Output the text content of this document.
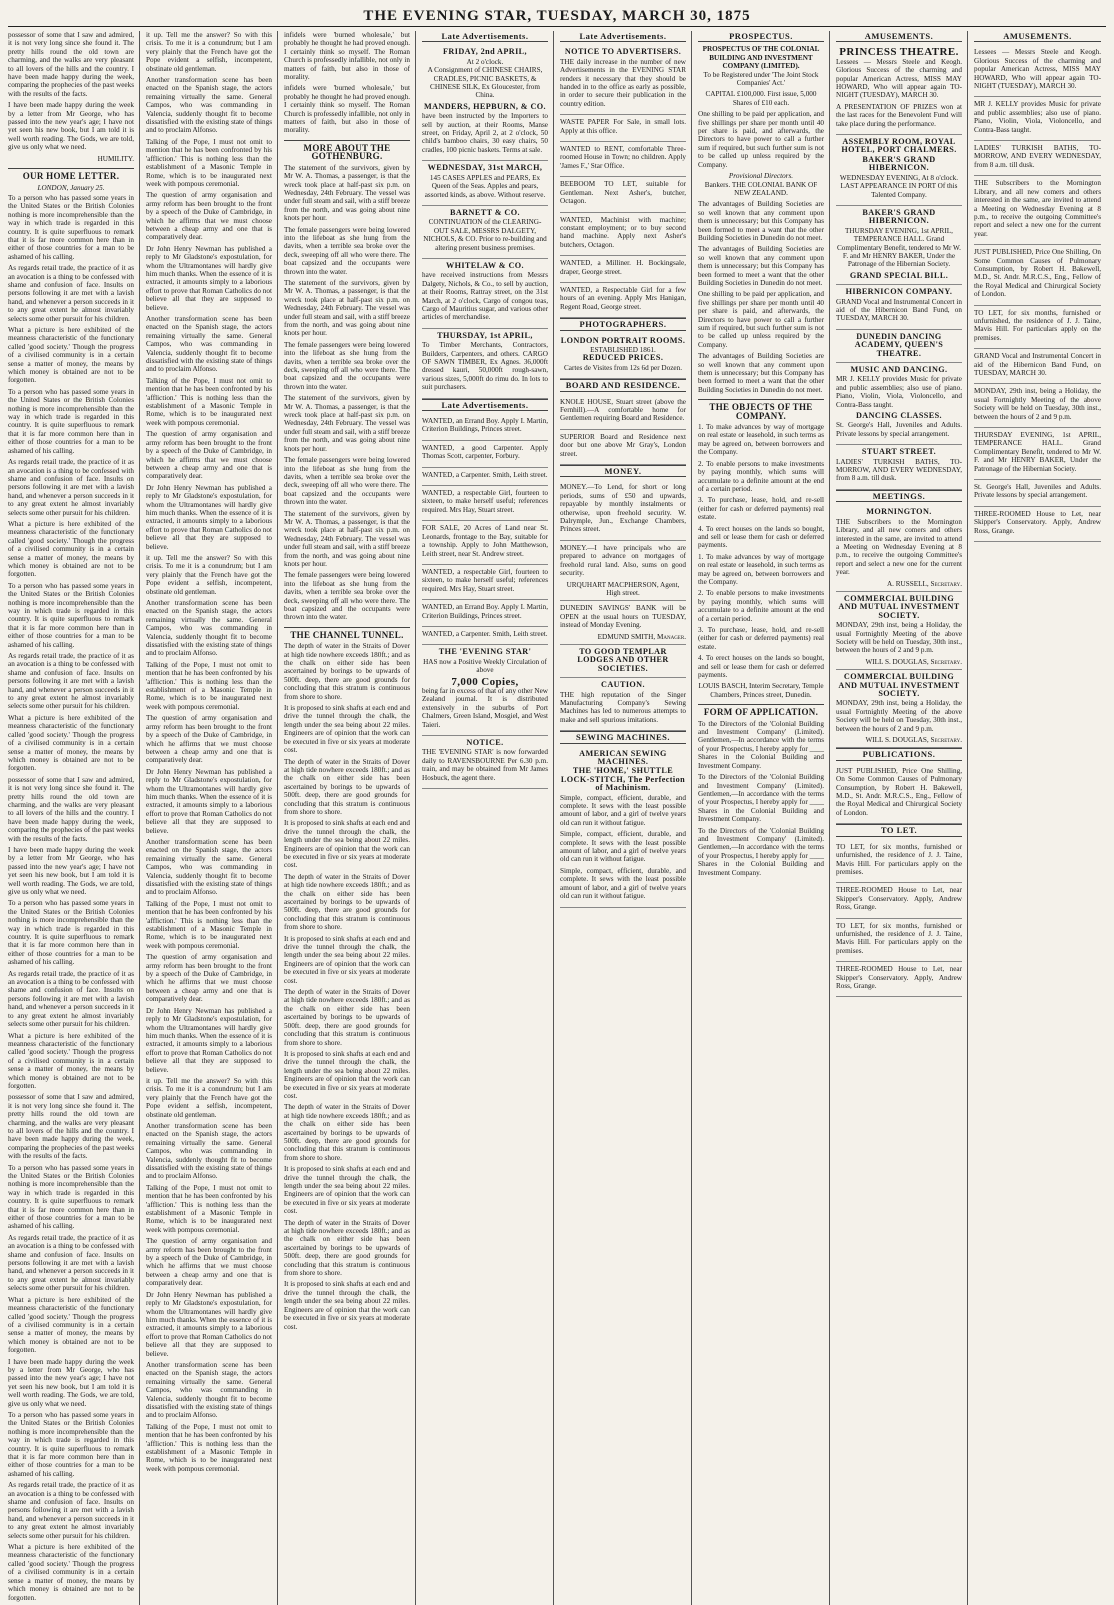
THE EVENING STAR, TUESDAY, MARCH 30, 1875

possessor of some that I saw and admired, it is not very long since she found it. The pretty hills round the old town are charming, and the walks are very pleasant to all lovers of the hills and the country. I have been made happy during the week, comparing the prophecies of the past weeks with the results of the facts.

I have been made happy during the week by a letter from Mr George, who has passed into the new year's age; I have not yet seen his new book, but I am told it is well worth reading. The Gods, we are told, give us only what we need.

HUMILITY.

OUR HOME LETTER.
LONDON, January 25.

To a person who has passed some years in the United States or the British Colonies nothing is more incomprehensible than the way in which trade is regarded in this country. It is quite superfluous to remark that it is far more common here than in either of those countries for a man to be ashamed of his calling.

As regards retail trade, the practice of it as an avocation is a thing to be confessed with shame and confusion of face. Insults on persons following it are met with a lavish hand, and whenever a person succeeds in it to any great extent he almost invariably selects some other pursuit for his children.

What a picture is here exhibited of the meanness characteristic of the functionary called 'good society.' Though the progress of a civilised community is in a certain sense a matter of money, the means by which money is obtained are not to be forgotten.

To a person who has passed some years in the United States or the British Colonies nothing is more incomprehensible than the way in which trade is regarded in this country. It is quite superfluous to remark that it is far more common here than in either of those countries for a man to be ashamed of his calling.

As regards retail trade, the practice of it as an avocation is a thing to be confessed with shame and confusion of face. Insults on persons following it are met with a lavish hand, and whenever a person succeeds in it to any great extent he almost invariably selects some other pursuit for his children.

What a picture is here exhibited of the meanness characteristic of the functionary called 'good society.' Though the progress of a civilised community is in a certain sense a matter of money, the means by which money is obtained are not to be forgotten.

To a person who has passed some years in the United States or the British Colonies nothing is more incomprehensible than the way in which trade is regarded in this country. It is quite superfluous to remark that it is far more common here than in either of those countries for a man to be ashamed of his calling.

As regards retail trade, the practice of it as an avocation is a thing to be confessed with shame and confusion of face. Insults on persons following it are met with a lavish hand, and whenever a person succeeds in it to any great extent he almost invariably selects some other pursuit for his children.

What a picture is here exhibited of the meanness characteristic of the functionary called 'good society.' Though the progress of a civilised community is in a certain sense a matter of money, the means by which money is obtained are not to be forgotten.

possessor of some that I saw and admired, it is not very long since she found it. The pretty hills round the old town are charming, and the walks are very pleasant to all lovers of the hills and the country. I have been made happy during the week, comparing the prophecies of the past weeks with the results of the facts.

I have been made happy during the week by a letter from Mr George, who has passed into the new year's age; I have not yet seen his new book, but I am told it is well worth reading. The Gods, we are told, give us only what we need.

To a person who has passed some years in the United States or the British Colonies nothing is more incomprehensible than the way in which trade is regarded in this country. It is quite superfluous to remark that it is far more common here than in either of those countries for a man to be ashamed of his calling.

As regards retail trade, the practice of it as an avocation is a thing to be confessed with shame and confusion of face. Insults on persons following it are met with a lavish hand, and whenever a person succeeds in it to any great extent he almost invariably selects some other pursuit for his children.

What a picture is here exhibited of the meanness characteristic of the functionary called 'good society.' Though the progress of a civilised community is in a certain sense a matter of money, the means by which money is obtained are not to be forgotten.

possessor of some that I saw and admired, it is not very long since she found it. The pretty hills round the old town are charming, and the walks are very pleasant to all lovers of the hills and the country. I have been made happy during the week, comparing the prophecies of the past weeks with the results of the facts.

To a person who has passed some years in the United States or the British Colonies nothing is more incomprehensible than the way in which trade is regarded in this country. It is quite superfluous to remark that it is far more common here than in either of those countries for a man to be ashamed of his calling.

As regards retail trade, the practice of it as an avocation is a thing to be confessed with shame and confusion of face. Insults on persons following it are met with a lavish hand, and whenever a person succeeds in it to any great extent he almost invariably selects some other pursuit for his children.

What a picture is here exhibited of the meanness characteristic of the functionary called 'good society.' Though the progress of a civilised community is in a certain sense a matter of money, the means by which money is obtained are not to be forgotten.

I have been made happy during the week by a letter from Mr George, who has passed into the new year's age; I have not yet seen his new book, but I am told it is well worth reading. The Gods, we are told, give us only what we need.

To a person who has passed some years in the United States or the British Colonies nothing is more incomprehensible than the way in which trade is regarded in this country. It is quite superfluous to remark that it is far more common here than in either of those countries for a man to be ashamed of his calling.

As regards retail trade, the practice of it as an avocation is a thing to be confessed with shame and confusion of face. Insults on persons following it are met with a lavish hand, and whenever a person succeeds in it to any great extent he almost invariably selects some other pursuit for his children.

What a picture is here exhibited of the meanness characteristic of the functionary called 'good society.' Though the progress of a civilised community is in a certain sense a matter of money, the means by which money is obtained are not to be forgotten.

it up. Tell me the answer? So with this crisis. To me it is a conundrum; but I am very plainly that the French have got the Pope evident a selfish, incompetent, obstinate old gentleman.

Another transformation scene has been enacted on the Spanish stage, the actors remaining virtually the same. General Campos, who was commanding in Valencia, suddenly thought fit to become dissatisfied with the existing state of things and to proclaim Alfonso.

Talking of the Pope, I must not omit to mention that he has been confronted by his 'affliction.' This is nothing less than the establishment of a Masonic Temple in Rome, which is to be inaugurated next week with pompous ceremonial.

The question of army organisation and army reform has been brought to the front by a speech of the Duke of Cambridge, in which he affirms that we must choose between a cheap army and one that is comparatively dear.

Dr John Henry Newman has published a reply to Mr Gladstone's expostulation, for whom the Ultramontanes will hardly give him much thanks. When the essence of it is extracted, it amounts simply to a laborious effort to prove that Roman Catholics do not believe all that they are supposed to believe.

Another transformation scene has been enacted on the Spanish stage, the actors remaining virtually the same. General Campos, who was commanding in Valencia, suddenly thought fit to become dissatisfied with the existing state of things and to proclaim Alfonso.

Talking of the Pope, I must not omit to mention that he has been confronted by his 'affliction.' This is nothing less than the establishment of a Masonic Temple in Rome, which is to be inaugurated next week with pompous ceremonial.

The question of army organisation and army reform has been brought to the front by a speech of the Duke of Cambridge, in which he affirms that we must choose between a cheap army and one that is comparatively dear.

Dr John Henry Newman has published a reply to Mr Gladstone's expostulation, for whom the Ultramontanes will hardly give him much thanks. When the essence of it is extracted, it amounts simply to a laborious effort to prove that Roman Catholics do not believe all that they are supposed to believe.

it up. Tell me the answer? So with this crisis. To me it is a conundrum; but I am very plainly that the French have got the Pope evident a selfish, incompetent, obstinate old gentleman.

Another transformation scene has been enacted on the Spanish stage, the actors remaining virtually the same. General Campos, who was commanding in Valencia, suddenly thought fit to become dissatisfied with the existing state of things and to proclaim Alfonso.

Talking of the Pope, I must not omit to mention that he has been confronted by his 'affliction.' This is nothing less than the establishment of a Masonic Temple in Rome, which is to be inaugurated next week with pompous ceremonial.

The question of army organisation and army reform has been brought to the front by a speech of the Duke of Cambridge, in which he affirms that we must choose between a cheap army and one that is comparatively dear.

Dr John Henry Newman has published a reply to Mr Gladstone's expostulation, for whom the Ultramontanes will hardly give him much thanks. When the essence of it is extracted, it amounts simply to a laborious effort to prove that Roman Catholics do not believe all that they are supposed to believe.

Another transformation scene has been enacted on the Spanish stage, the actors remaining virtually the same. General Campos, who was commanding in Valencia, suddenly thought fit to become dissatisfied with the existing state of things and to proclaim Alfonso.

Talking of the Pope, I must not omit to mention that he has been confronted by his 'affliction.' This is nothing less than the establishment of a Masonic Temple in Rome, which is to be inaugurated next week with pompous ceremonial.

The question of army organisation and army reform has been brought to the front by a speech of the Duke of Cambridge, in which he affirms that we must choose between a cheap army and one that is comparatively dear.

Dr John Henry Newman has published a reply to Mr Gladstone's expostulation, for whom the Ultramontanes will hardly give him much thanks. When the essence of it is extracted, it amounts simply to a laborious effort to prove that Roman Catholics do not believe all that they are supposed to believe.

it up. Tell me the answer? So with this crisis. To me it is a conundrum; but I am very plainly that the French have got the Pope evident a selfish, incompetent, obstinate old gentleman.

Another transformation scene has been enacted on the Spanish stage, the actors remaining virtually the same. General Campos, who was commanding in Valencia, suddenly thought fit to become dissatisfied with the existing state of things and to proclaim Alfonso.

Talking of the Pope, I must not omit to mention that he has been confronted by his 'affliction.' This is nothing less than the establishment of a Masonic Temple in Rome, which is to be inaugurated next week with pompous ceremonial.

The question of army organisation and army reform has been brought to the front by a speech of the Duke of Cambridge, in which he affirms that we must choose between a cheap army and one that is comparatively dear.

Dr John Henry Newman has published a reply to Mr Gladstone's expostulation, for whom the Ultramontanes will hardly give him much thanks. When the essence of it is extracted, it amounts simply to a laborious effort to prove that Roman Catholics do not believe all that they are supposed to believe.

Another transformation scene has been enacted on the Spanish stage, the actors remaining virtually the same. General Campos, who was commanding in Valencia, suddenly thought fit to become dissatisfied with the existing state of things and to proclaim Alfonso.

Talking of the Pope, I must not omit to mention that he has been confronted by his 'affliction.' This is nothing less than the establishment of a Masonic Temple in Rome, which is to be inaugurated next week with pompous ceremonial.

infidels were 'burned wholesale,' but probably he thought he had proved enough. I certainly think so myself. The Roman Church is professedly infallible, not only in matters of faith, but also in those of morality.

infidels were 'burned wholesale,' but probably he thought he had proved enough. I certainly think so myself. The Roman Church is professedly infallible, not only in matters of faith, but also in those of morality.

MORE ABOUT THE GOTHENBURG.

The statement of the survivors, given by Mr W. A. Thomas, a passenger, is that the wreck took place at half-past six p.m. on Wednesday, 24th February. The vessel was under full steam and sail, with a stiff breeze from the north, and was going about nine knots per hour.

The female passengers were being lowered into the lifeboat as she hung from the davits, when a terrible sea broke over the deck, sweeping off all who were there. The boat capsized and the occupants were thrown into the water.

The statement of the survivors, given by Mr W. A. Thomas, a passenger, is that the wreck took place at half-past six p.m. on Wednesday, 24th February. The vessel was under full steam and sail, with a stiff breeze from the north, and was going about nine knots per hour.

The female passengers were being lowered into the lifeboat as she hung from the davits, when a terrible sea broke over the deck, sweeping off all who were there. The boat capsized and the occupants were thrown into the water.

The statement of the survivors, given by Mr W. A. Thomas, a passenger, is that the wreck took place at half-past six p.m. on Wednesday, 24th February. The vessel was under full steam and sail, with a stiff breeze from the north, and was going about nine knots per hour.

The female passengers were being lowered into the lifeboat as she hung from the davits, when a terrible sea broke over the deck, sweeping off all who were there. The boat capsized and the occupants were thrown into the water.

The statement of the survivors, given by Mr W. A. Thomas, a passenger, is that the wreck took place at half-past six p.m. on Wednesday, 24th February. The vessel was under full steam and sail, with a stiff breeze from the north, and was going about nine knots per hour.

The female passengers were being lowered into the lifeboat as she hung from the davits, when a terrible sea broke over the deck, sweeping off all who were there. The boat capsized and the occupants were thrown into the water.

THE CHANNEL TUNNEL.

The depth of water in the Straits of Dover at high tide nowhere exceeds 180ft.; and as the chalk on either side has been ascertained by borings to be upwards of 500ft. deep, there are good grounds for concluding that this stratum is continuous from shore to shore.

It is proposed to sink shafts at each end and drive the tunnel through the chalk, the length under the sea being about 22 miles. Engineers are of opinion that the work can be executed in five or six years at moderate cost.

The depth of water in the Straits of Dover at high tide nowhere exceeds 180ft.; and as the chalk on either side has been ascertained by borings to be upwards of 500ft. deep, there are good grounds for concluding that this stratum is continuous from shore to shore.

It is proposed to sink shafts at each end and drive the tunnel through the chalk, the length under the sea being about 22 miles. Engineers are of opinion that the work can be executed in five or six years at moderate cost.

The depth of water in the Straits of Dover at high tide nowhere exceeds 180ft.; and as the chalk on either side has been ascertained by borings to be upwards of 500ft. deep, there are good grounds for concluding that this stratum is continuous from shore to shore.

It is proposed to sink shafts at each end and drive the tunnel through the chalk, the length under the sea being about 22 miles. Engineers are of opinion that the work can be executed in five or six years at moderate cost.

The depth of water in the Straits of Dover at high tide nowhere exceeds 180ft.; and as the chalk on either side has been ascertained by borings to be upwards of 500ft. deep, there are good grounds for concluding that this stratum is continuous from shore to shore.

It is proposed to sink shafts at each end and drive the tunnel through the chalk, the length under the sea being about 22 miles. Engineers are of opinion that the work can be executed in five or six years at moderate cost.

The depth of water in the Straits of Dover at high tide nowhere exceeds 180ft.; and as the chalk on either side has been ascertained by borings to be upwards of 500ft. deep, there are good grounds for concluding that this stratum is continuous from shore to shore.

It is proposed to sink shafts at each end and drive the tunnel through the chalk, the length under the sea being about 22 miles. Engineers are of opinion that the work can be executed in five or six years at moderate cost.

The depth of water in the Straits of Dover at high tide nowhere exceeds 180ft.; and as the chalk on either side has been ascertained by borings to be upwards of 500ft. deep, there are good grounds for concluding that this stratum is continuous from shore to shore.

It is proposed to sink shafts at each end and drive the tunnel through the chalk, the length under the sea being about 22 miles. Engineers are of opinion that the work can be executed in five or six years at moderate cost.

Late Advertisements.
FRIDAY, 2nd APRIL,
At 2 o'clock.

A Consignment of CHINESE CHAIRS, CRADLES, PICNIC BASKETS, & CHINESE SILK, Ex Gloucester, from China.

MANDERS, HEPBURN, & CO.

have been instructed by the Importers to sell by auction, at their Rooms, Manse street, on Friday, April 2, at 2 o'clock, 50 child's bamboo chairs, 30 easy chairs, 50 cradles, 100 picnic baskets. Terms at sale.

WEDNESDAY, 31st MARCH,

145 CASES APPLES and PEARS, Ex Queen of the Seas. Apples and pears, assorted kinds, as above. Without reserve.

BARNETT & CO.

CONTINUATION of the CLEARING-OUT SALE, MESSRS DALGETY, NICHOLS, & CO. Prior to re-building and altering present business premises.

WHITELAW & CO.

have received instructions from Messrs Dalgety, Nichols, & Co., to sell by auction, at their Rooms, Rattray street, on the 31st March, at 2 o'clock, Cargo of congou teas, Cargo of Mauritius sugar, and various other articles of merchandise.

THURSDAY, 1st APRIL,

To Timber Merchants, Contractors, Builders, Carpenters, and others. CARGO OF SAWN TIMBER, Ex Agnes. 36,000ft dressed kauri, 50,000ft rough-sawn, various sizes, 5,000ft do rimu do. In lots to suit purchasers.

Late Advertisements.

WANTED, an Errand Boy. Apply I. Martin, Criterion Buildings, Princes street.

WANTED, a good Carpenter. Apply Thomas Scott, carpenter, Forbury.

WANTED, a Carpenter. Smith, Leith street.

WANTED, a respectable Girl, fourteen to sixteen, to make herself useful; references required. Mrs Hay, Stuart street.

FOR SALE, 20 Acres of Land near St. Leonards, frontage to the Bay, suitable for a township. Apply to John Matthewson, Leith street, near St. Andrew street.

WANTED, a respectable Girl, fourteen to sixteen, to make herself useful; references required. Mrs Hay, Stuart street.

WANTED, an Errand Boy. Apply I. Martin, Criterion Buildings, Princes street.

WANTED, a Carpenter. Smith, Leith street.

THE 'EVENING STAR'

HAS now a Positive Weekly Circulation of above

7,000 Copies,

being far in excess of that of any other New Zealand journal. It is distributed extensively in the suburbs of Port Chalmers, Green Island, Mosgiel, and West Taieri.

NOTICE.

THE 'EVENING STAR' is now forwarded daily to RAVENSBOURNE Per 6.30 p.m. train, and may be obtained from Mr James Hosbuck, the agent there.

Late Advertisements.
NOTICE TO ADVERTISERS.

THE daily increase in the number of new Advertisements in the EVENING STAR renders it necessary that they should be handed in to the office as early as possible, in order to secure their publication in the country edition.

WASTE PAPER For Sale, in small lots. Apply at this office.

WANTED to RENT, comfortable Three-roomed House in Town; no children. Apply 'James F.,' Star Office.

BEEBOOM TO LET, suitable for Gentleman. Next Asher's, butcher, Octagon.

WANTED, Machinist with machine; constant employment; or to buy second hand machine. Apply next Asher's butchers, Octagon.

WANTED, a Milliner. H. Bockingsale, draper, George street.

WANTED, a Respectable Girl for a few hours of an evening. Apply Mrs Hanigan, Regent Road, George street.

PHOTOGRAPHERS.
LONDON PORTRAIT ROOMS.
ESTABLISHED 1861.
REDUCED PRICES.

Cartes de Visites from 12s 6d per Dozen.

BOARD AND RESIDENCE.

KNOLE HOUSE, Stuart street (above the Fernhill).—A comfortable home for Gentlemen requiring Board and Residence.

SUPERIOR Board and Residence next door but one above Mr Gray's, London street.

MONEY.

MONEY.—To Lend, for short or long periods, sums of £50 and upwards, repayable by monthly instalments or otherwise, upon freehold security. W. Dalrymple, Jun., Exchange Chambers, Princes street.

MONEY.—I have principals who are prepared to advance on mortgages of freehold rural land. Also, sums on good security.

URQUHART MACPHERSON, Agent, High street.

DUNEDIN SAVINGS' BANK will be OPEN at the usual hours on TUESDAY, instead of Monday Evening.

EDMUND SMITH, Manager.
TO GOOD TEMPLAR LODGES AND OTHER SOCIETIES.
CAUTION.

THE high reputation of the Singer Manufacturing Company's Sewing Machines has led to numerous attempts to make and sell spurious imitations.

SEWING MACHINES.
AMERICAN SEWING MACHINES.
THE 'HOME,' SHUTTLE LOCK-STITCH, The Perfection of Machinism.

Simple, compact, efficient, durable, and complete. It sews with the least possible amount of labor, and a girl of twelve years old can run it without fatigue.

Simple, compact, efficient, durable, and complete. It sews with the least possible amount of labor, and a girl of twelve years old can run it without fatigue.

Simple, compact, efficient, durable, and complete. It sews with the least possible amount of labor, and a girl of twelve years old can run it without fatigue.

PROSPECTUS.
PROSPECTUS OF THE COLONIAL BUILDING AND INVESTMENT COMPANY (LIMITED).

To be Registered under 'The Joint Stock Companies' Act.'

CAPITAL £100,000. First issue, 5,000 Shares of £10 each.

One shilling to be paid per application, and five shillings per share per month until 40 per share is paid, and afterwards, the Directors to have power to call a further sum if required, but such further sum is not to be called up unless required by the Company.

Provisional Directors.

Bankers. THE COLONIAL BANK OF NEW ZEALAND.

The advantages of Building Societies are so well known that any comment upon them is unnecessary; but this Company has been formed to meet a want that the other Building Societies in Dunedin do not meet.

The advantages of Building Societies are so well known that any comment upon them is unnecessary; but this Company has been formed to meet a want that the other Building Societies in Dunedin do not meet.

One shilling to be paid per application, and five shillings per share per month until 40 per share is paid, and afterwards, the Directors to have power to call a further sum if required, but such further sum is not to be called up unless required by the Company.

The advantages of Building Societies are so well known that any comment upon them is unnecessary; but this Company has been formed to meet a want that the other Building Societies in Dunedin do not meet.

THE OBJECTS OF THE COMPANY.

1. To make advances by way of mortgage on real estate or leasehold, in such terms as may be agreed on, between borrowers and the Company.

2. To enable persons to make investments by paying monthly, which sums will accumulate to a definite amount at the end of a certain period.

3. To purchase, lease, hold, and re-sell (either for cash or deferred payments) real estate.

4. To erect houses on the lands so bought, and sell or lease them for cash or deferred payments.

1. To make advances by way of mortgage on real estate or leasehold, in such terms as may be agreed on, between borrowers and the Company.

2. To enable persons to make investments by paying monthly, which sums will accumulate to a definite amount at the end of a certain period.

3. To purchase, lease, hold, and re-sell (either for cash or deferred payments) real estate.

4. To erect houses on the lands so bought, and sell or lease them for cash or deferred payments.

LOUIS BASCH, Interim Secretary, Temple Chambers, Princes street, Dunedin.

FORM OF APPLICATION.

To the Directors of the 'Colonial Building and Investment Company' (Limited). Gentlemen,—In accordance with the terms of your Prospectus, I hereby apply for ____ Shares in the Colonial Building and Investment Company.

To the Directors of the 'Colonial Building and Investment Company' (Limited). Gentlemen,—In accordance with the terms of your Prospectus, I hereby apply for ____ Shares in the Colonial Building and Investment Company.

To the Directors of the 'Colonial Building and Investment Company' (Limited). Gentlemen,—In accordance with the terms of your Prospectus, I hereby apply for ____ Shares in the Colonial Building and Investment Company.

AMUSEMENTS.
PRINCESS THEATRE.

Lessees — Messrs Steele and Keogh. Glorious Success of the charming and popular American Actress, MISS MAY HOWARD, Who will appear again TO-NIGHT (TUESDAY), MARCH 30.

A PRESENTATION OF PRIZES won at the last races for the Benevolent Fund will take place during the performance.

ASSEMBLY ROOM, ROYAL HOTEL, PORT CHALMERS.
BAKER'S GRAND HIBERNICON.

WEDNESDAY EVENING, At 8 o'clock. LAST APPEARANCE IN PORT Of this Talented Company.

BAKER'S GRAND HIBERNICON.

THURSDAY EVENING, 1st APRIL, TEMPERANCE HALL. Grand Complimentary Benefit, tendered to Mr W. F. and Mr HENRY BAKER, Under the Patronage of the Hibernian Society.

GRAND SPECIAL BILL.
HIBERNICON COMPANY.

GRAND Vocal and Instrumental Concert in aid of the Hibernicon Band Fund, on TUESDAY, MARCH 30.

DUNEDIN DANCING ACADEMY, QUEEN'S THEATRE.
MUSIC AND DANCING.

MR J. KELLY provides Music for private and public assemblies; also use of piano. Piano, Violin, Viola, Violoncello, and Contra-Bass taught.

DANCING CLASSES.

St. George's Hall, Juveniles and Adults. Private lessons by special arrangement.

STUART STREET.

LADIES' TURKISH BATHS, TO-MORROW, AND EVERY WEDNESDAY, from 8 a.m. till dusk.

MEETINGS.
MORNINGTON.

THE Subscribers to the Mornington Library, and all new comers and others interested in the same, are invited to attend a Meeting on Wednesday Evening at 8 p.m., to receive the outgoing Committee's report and select a new one for the current year.

A. RUSSELL, Secretary.
COMMERCIAL BUILDING AND MUTUAL INVESTMENT SOCIETY.

MONDAY, 29th inst, being a Holiday, the usual Fortnightly Meeting of the above Society will be held on Tuesday, 30th inst., between the hours of 2 and 9 p.m.

WILL S. DOUGLAS, Secretary.
COMMERCIAL BUILDING AND MUTUAL INVESTMENT SOCIETY.

MONDAY, 29th inst, being a Holiday, the usual Fortnightly Meeting of the above Society will be held on Tuesday, 30th inst., between the hours of 2 and 9 p.m.

WILL S. DOUGLAS, Secretary.
PUBLICATIONS.

JUST PUBLISHED, Price One Shilling, On Some Common Causes of Pulmonary Consumption, by Robert H. Bakewell, M.D., St. Andr. M.R.C.S., Eng., Fellow of the Royal Medical and Chirurgical Society of London.

TO LET.

TO LET, for six months, furnished or unfurnished, the residence of J. J. Taine, Mavis Hill. For particulars apply on the premises.

THREE-ROOMED House to Let, near Skipper's Conservatory. Apply, Andrew Ross, Grange.

TO LET, for six months, furnished or unfurnished, the residence of J. J. Taine, Mavis Hill. For particulars apply on the premises.

THREE-ROOMED House to Let, near Skipper's Conservatory. Apply, Andrew Ross, Grange.

AMUSEMENTS.

Lessees — Messrs Steele and Keogh. Glorious Success of the charming and popular American Actress, MISS MAY HOWARD, Who will appear again TO-NIGHT (TUESDAY), MARCH 30.

MR J. KELLY provides Music for private and public assemblies; also use of piano. Piano, Violin, Viola, Violoncello, and Contra-Bass taught.

LADIES' TURKISH BATHS, TO-MORROW, AND EVERY WEDNESDAY, from 8 a.m. till dusk.

THE Subscribers to the Mornington Library, and all new comers and others interested in the same, are invited to attend a Meeting on Wednesday Evening at 8 p.m., to receive the outgoing Committee's report and select a new one for the current year.

JUST PUBLISHED, Price One Shilling, On Some Common Causes of Pulmonary Consumption, by Robert H. Bakewell, M.D., St. Andr. M.R.C.S., Eng., Fellow of the Royal Medical and Chirurgical Society of London.

TO LET, for six months, furnished or unfurnished, the residence of J. J. Taine, Mavis Hill. For particulars apply on the premises.

GRAND Vocal and Instrumental Concert in aid of the Hibernicon Band Fund, on TUESDAY, MARCH 30.

MONDAY, 29th inst, being a Holiday, the usual Fortnightly Meeting of the above Society will be held on Tuesday, 30th inst., between the hours of 2 and 9 p.m.

THURSDAY EVENING, 1st APRIL, TEMPERANCE HALL. Grand Complimentary Benefit, tendered to Mr W. F. and Mr HENRY BAKER, Under the Patronage of the Hibernian Society.

St. George's Hall, Juveniles and Adults. Private lessons by special arrangement.

THREE-ROOMED House to Let, near Skipper's Conservatory. Apply, Andrew Ross, Grange.
